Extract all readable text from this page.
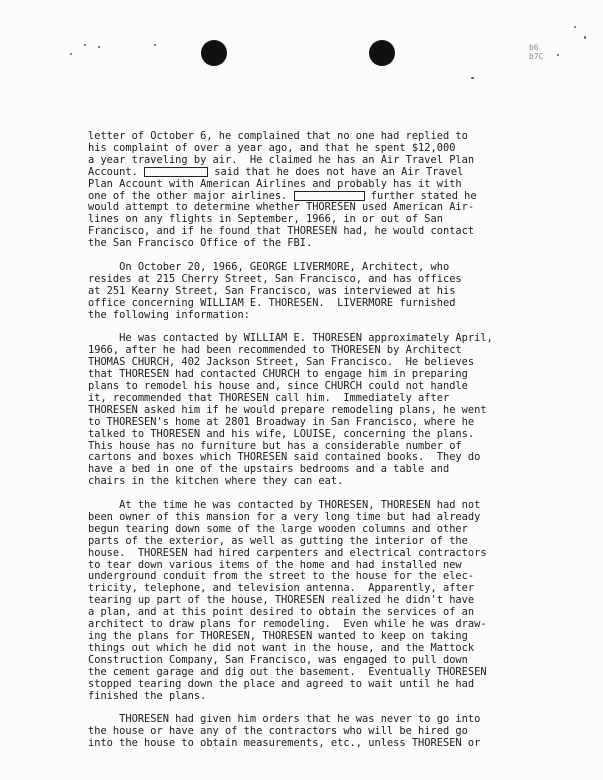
b6
b7C
letter of October 6, he complained that no one had replied to
his complaint of over a year ago, and that he spent $12,000
a year traveling by air.  He claimed he has an Air Travel Plan
Account.	said that he does not have an Air Travel
Plan Account with American Airlines and probably has it with
one of the other major airlines.	further stated he
would attempt to determine whether THORESEN used American Air-
lines on any flights in September, 1966, in or out of San
Francisco, and if he found that THORESEN had, he would contact
the San Francisco Office of the FBI.
On October 20, 1966, GEORGE LIVERMORE, Architect, who
resides at 215 Cherry Street, San Francisco, and has offices
at 251 Kearny Street, San Francisco, was interviewed at his
office concerning WILLIAM E. THORESEN.  LIVERMORE furnished
the following information:
He was contacted by WILLIAM E. THORESEN approximately April,
1966, after he had been recommended to THORESEN by Architect
THOMAS CHURCH, 402 Jackson Street, San Francisco.  He believes
that THORESEN had contacted CHURCH to engage him in preparing
plans to remodel his house and, since CHURCH could not handle
it, recommended that THORESEN call him.  Immediately after
THORESEN asked him if he would prepare remodeling plans, he went
to THORESEN's home at 2801 Broadway in San Francisco, where he
talked to THORESEN and his wife, LOUISE, concerning the plans.
This house has no furniture but has a considerable number of
cartons and boxes which THORESEN said contained books.  They do
have a bed in one of the upstairs bedrooms and a table and
chairs in the kitchen where they can eat.
At the time he was contacted by THORESEN, THORESEN had not
been owner of this mansion for a very long time but had already
begun tearing down some of the large wooden columns and other
parts of the exterior, as well as gutting the interior of the
house.  THORESEN had hired carpenters and electrical contractors
to tear down various items of the home and had installed new
underground conduit from the street to the house for the elec-
tricity, telephone, and television antenna.  Apparently, after
tearing up part of the house, THORESEN realized he didn't have
a plan, and at this point desired to obtain the services of an
architect to draw plans for remodeling.  Even while he was draw-
ing the plans for THORESEN, THORESEN wanted to keep on taking
things out which he did not want in the house, and the Mattock
Construction Company, San Francisco, was engaged to pull down
the cement garage and dig out the basement.  Eventually THORESEN
stopped tearing down the place and agreed to wait until he had
finished the plans.
THORESEN had given him orders that he was never to go into
the house or have any of the contractors who will be hired go
into the house to obtain measurements, etc., unless THORESEN or
